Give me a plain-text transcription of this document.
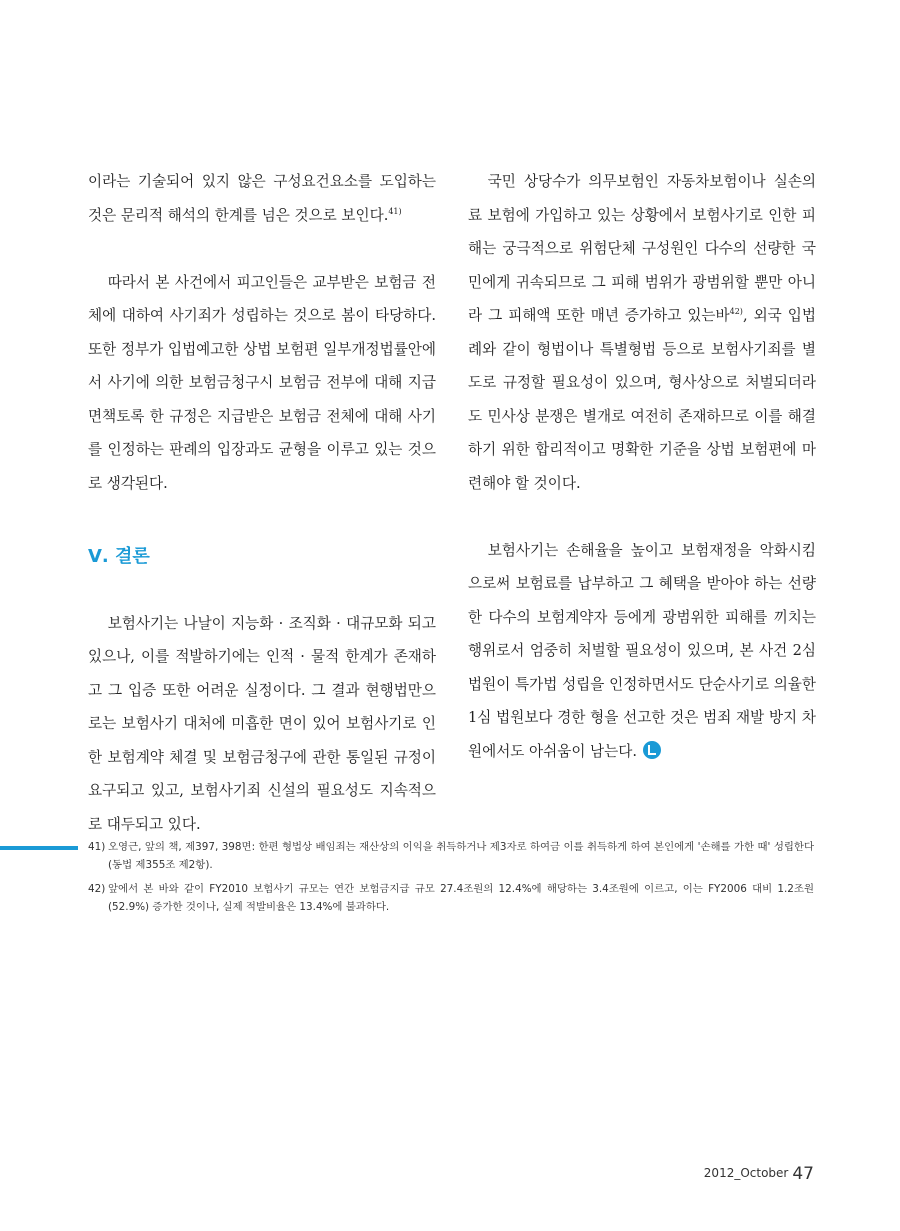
이라는 기술되어 있지 않은 구성요건요소를 도입하는 것은 문리적 해석의 한계를 넘은 것으로 보인다.$^{41)}$

따라서 본 사건에서 피고인들은 교부받은 보험금 전체에 대하여 사기죄가 성립하는 것으로 봄이 타당하다. 또한 정부가 입법예고한 상법 보험편 일부개정법률안에서 사기에 의한 보험금청구시 보험금 전부에 대해 지급면책토록 한 규정은 지급받은 보험금 전체에 대해 사기를 인정하는 판례의 입장과도 균형을 이루고 있는 것으로 생각된다.

Ⅴ. 결론

보험사기는 나날이 지능화 · 조직화 · 대규모화 되고 있으나, 이를 적발하기에는 인적 · 물적 한계가 존재하고 그 입증 또한 어려운 실정이다. 그 결과 현행법만으로는 보험사기 대처에 미흡한 면이 있어 보험사기로 인한 보험계약 체결 및 보험금청구에 관한 통일된 규정이 요구되고 있고, 보험사기죄 신설의 필요성도 지속적으로 대두되고 있다.

국민 상당수가 의무보험인 자동차보험이나 실손의료 보험에 가입하고 있는 상황에서 보험사기로 인한 피해는 궁극적으로 위험단체 구성원인 다수의 선량한 국민에게 귀속되므로 그 피해 범위가 광범위할 뿐만 아니라 그 피해액 또한 매년 증가하고 있는바$^{42)}$, 외국 입법례와 같이 형법이나 특별형법 등으로 보험사기죄를 별도로 규정할 필요성이 있으며, 형사상으로 처벌되더라도 민사상 분쟁은 별개로 여전히 존재하므로 이를 해결하기 위한 합리적이고 명확한 기준을 상법 보험편에 마련해야 할 것이다.

보험사기는 손해율을 높이고 보험재정을 악화시킴으로써 보험료를 납부하고 그 혜택을 받아야 하는 선량한 다수의 보험계약자 등에게 광범위한 피해를 끼치는 행위로서 엄중히 처벌할 필요성이 있으며, 본 사건 2심 법원이 특가법 성립을 인정하면서도 단순사기로 의율한 1심 법원보다 경한 형을 선고한 것은 범죄 재발 방지 차원에서도 아쉬움이 남는다.

41) 오영근, 앞의 책, 제397, 398면: 한편 형법상 배임죄는 재산상의 이익을 취득하거나 제3자로 하여금 이를 취득하게 하여 본인에게 '손해를 가한 때' 성립한다(동법 제355조 제2항).

42) 앞에서 본 바와 같이 FY2010 보험사기 규모는 연간 보험금지급 규모 27.4조원의 12.4%에 해당하는 3.4조원에 이르고, 이는 FY2006 대비 1.2조원(52.9%) 증가한 것이나, 실제 적발비율은 13.4%에 불과하다.

2012_October 47
